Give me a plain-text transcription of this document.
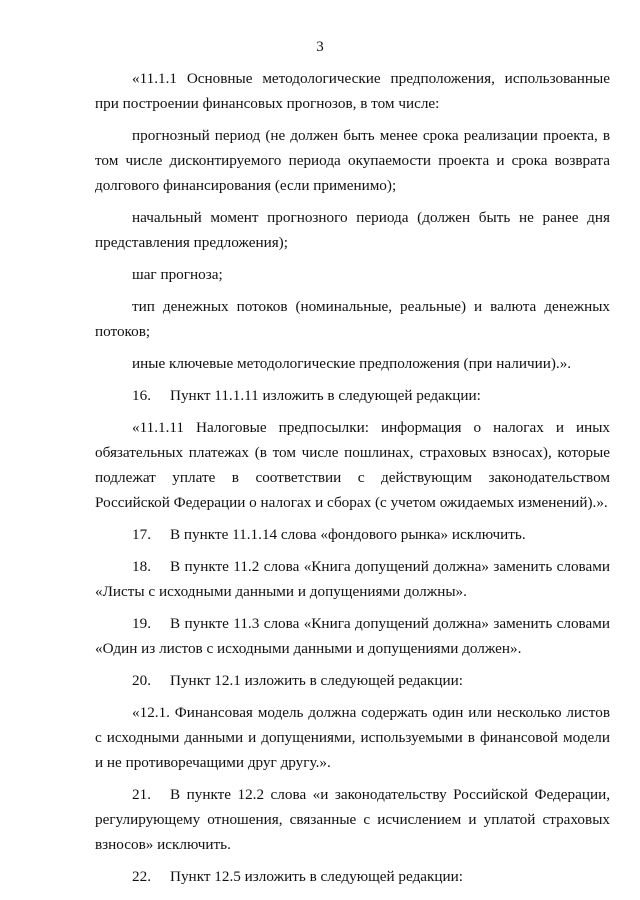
3

«11.1.1 Основные методологические предположения, использованные при построении финансовых прогнозов, в том числе:

прогнозный период (не должен быть менее срока реализации проекта, в том числе дисконтируемого периода окупаемости проекта и срока возврата долгового финансирования (если применимо);

начальный момент прогнозного периода (должен быть не ранее дня представления предложения);

шаг прогноза;

тип денежных потоков (номинальные, реальные) и валюта денежных потоков;

иные ключевые методологические предположения (при наличии).».

16. Пункт 11.1.11 изложить в следующей редакции:

«11.1.11 Налоговые предпосылки: информация о налогах и иных обязательных платежах (в том числе пошлинах, страховых взносах), которые подлежат уплате в соответствии с действующим законодательством Российской Федерации о налогах и сборах (с учетом ожидаемых изменений).».

17. В пункте 11.1.14 слова «фондового рынка» исключить.

18. В пункте 11.2 слова «Книга допущений должна» заменить словами «Листы с исходными данными и допущениями должны».

19. В пункте 11.3 слова «Книга допущений должна» заменить словами «Один из листов с исходными данными и допущениями должен».

20. Пункт 12.1 изложить в следующей редакции:

«12.1. Финансовая модель должна содержать один или несколько листов с исходными данными и допущениями, используемыми в финансовой модели и не противоречащими друг другу.».

21. В пункте 12.2 слова «и законодательству Российской Федерации, регулирующему отношения, связанные с исчислением и уплатой страховых взносов» исключить.

22. Пункт 12.5 изложить в следующей редакции:
